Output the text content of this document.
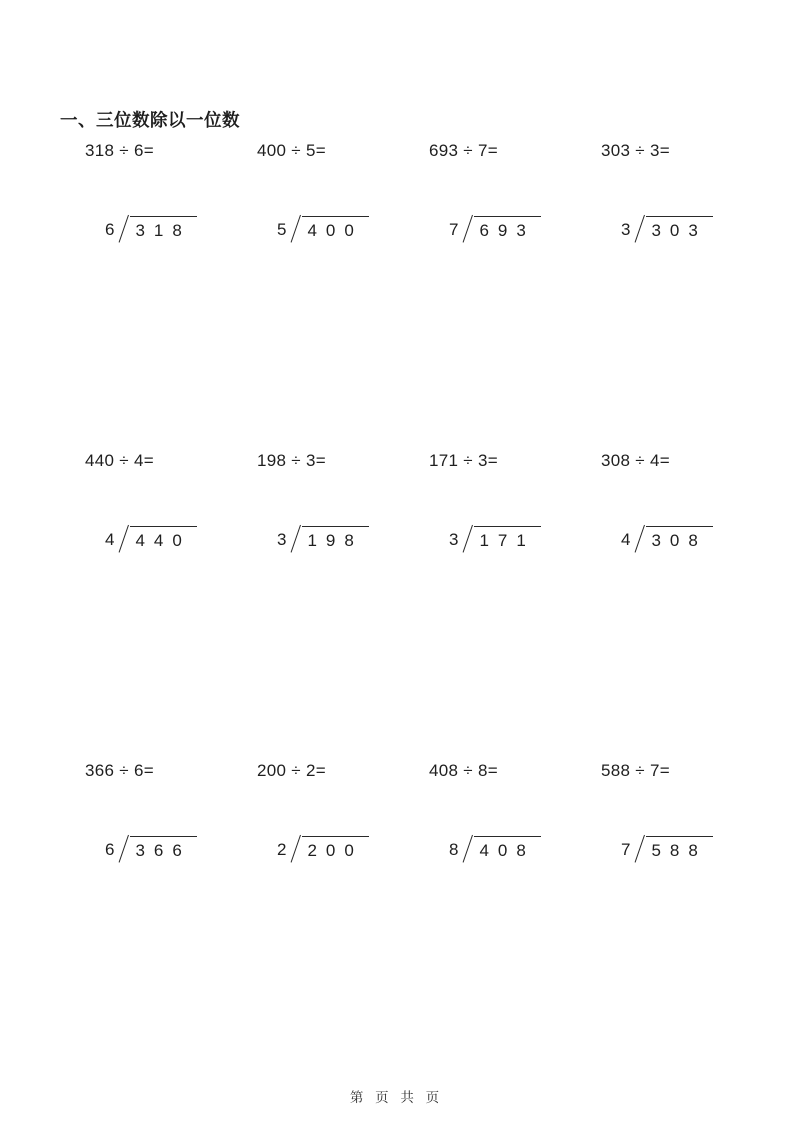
一、三位数除以一位数
318 ÷ 6=
6 318
400 ÷ 5=
5 400
693 ÷ 7=
7 693
303 ÷ 3=
3 303
440 ÷ 4=
4 440
198 ÷ 3=
3 198
171 ÷ 3=
3 171
308 ÷ 4=
4 308
366 ÷ 6=
6 366
200 ÷ 2=
2 200
408 ÷ 8=
8 408
588 ÷ 7=
7 588
第 页 共 页
